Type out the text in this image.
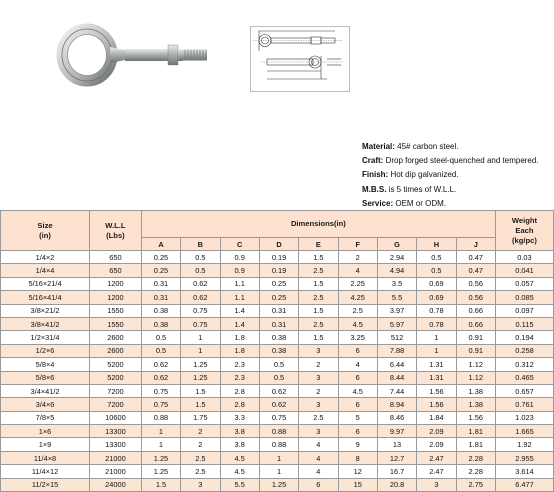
Material: 45# carbon steel.
Craft: Drop forged steel-quenched and tempered.
Finish: Hot dip galvanized.
M.B.S. is 5 times of W.L.L.
Service: OEM or ODM.
Size
(in)	W.L.L
(Lbs)	Dimensions(in)									Weight
Each
(kg/pc)
		A	B	C	D	E	F	G	H	J	
1/4×2	650	0.25	0.5	0.9	0.19	1.5	2	2.94	0.5	0.47	0.03
1/4×4	650	0.25	0.5	0.9	0.19	2.5	4	4.94	0.5	0.47	0.041
5/16×21/4	1200	0.31	0.62	1.1	0.25	1.5	2.25	3.5	0.69	0.56	0.057
5/16×41/4	1200	0.31	0.62	1.1	0.25	2.5	4.25	5.5	0.69	0.56	0.085
3/8×21/2	1550	0.38	0.75	1.4	0.31	1.5	2.5	3.97	0.78	0.66	0.097
3/8×41/2	1550	0.38	0.75	1.4	0.31	2.5	4.5	5.97	0.78	0.66	0.115
1/2×31/4	2600	0.5	1	1.8	0.38	1.5	3.25	512	1	0.91	0.194
1/2×6	2600	0.5	1	1.8	0.38	3	6	7.88	1	0.91	0.258
5/8×4	5200	0.62	1.25	2.3	0.5	2	4	6.44	1.31	1.12	0.312
5/8×6	5200	0.62	1.25	2.3	0.5	3	6	8.44	1.31	1.12	0.465
3/4×41/2	7200	0.75	1.5	2.8	0.62	2	4.5	7.44	1.56	1.38	0.657
3/4×6	7200	0.75	1.5	2.8	0.62	3	6	8.94	1.56	1.38	0.761
7/8×5	10600	0.88	1.75	3.3	0.75	2.5	5	8.46	1.84	1.56	1.023
1×6	13300	1	2	3.8	0.88	3	6	9.97	2.09	1.81	1.665
1×9	13300	1	2	3.8	0.88	4	9	13	2.09	1.81	1.92
11/4×8	21000	1.25	2.5	4.5	1	4	8	12.7	2.47	2.28	2.955
11/4×12	21000	1.25	2.5	4.5	1	4	12	16.7	2.47	2.28	3.614
11/2×15	24000	1.5	3	5.5	1.25	6	15	20.8	3	2.75	6.477
